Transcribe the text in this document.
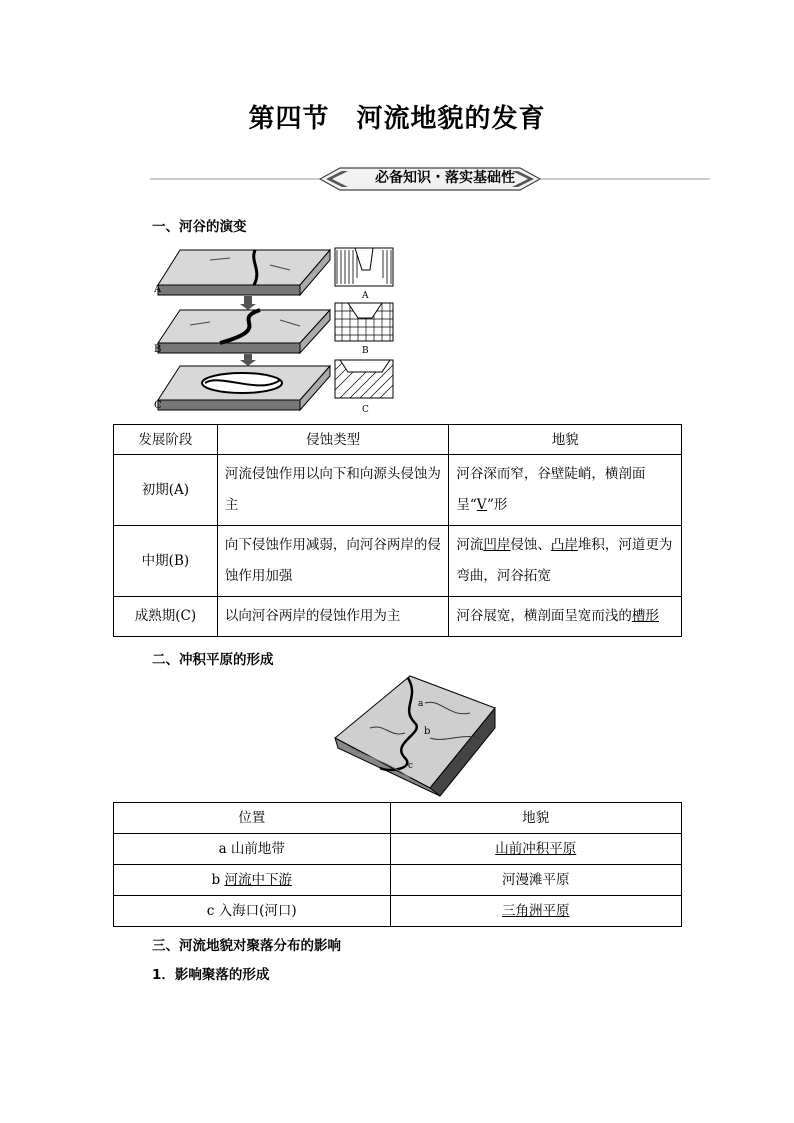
第四节　河流地貌的发育
必备知识・落实基础性
一、河谷的演变
A
B
C
A
B
C
发展阶段	侵蚀类型	地貌
初期(A)	河流侵蚀作用以向下和向源头侵蚀为主	河谷深而窄，谷壁陡峭，横剖面呈“V”形
中期(B)	向下侵蚀作用减弱，向河谷两岸的侵蚀作用加强	河流凹岸侵蚀、凸岸堆积，河道更为弯曲，河谷拓宽
成熟期(C)	以向河谷两岸的侵蚀作用为主	河谷展宽，横剖面呈宽而浅的槽形
二、冲积平原的形成
a
b
c
位置	地貌
a 山前地带	山前冲积平原
b 河流中下游	河漫滩平原
c 入海口(河口)	三角洲平原
三、河流地貌对聚落分布的影响
1．影响聚落的形成
